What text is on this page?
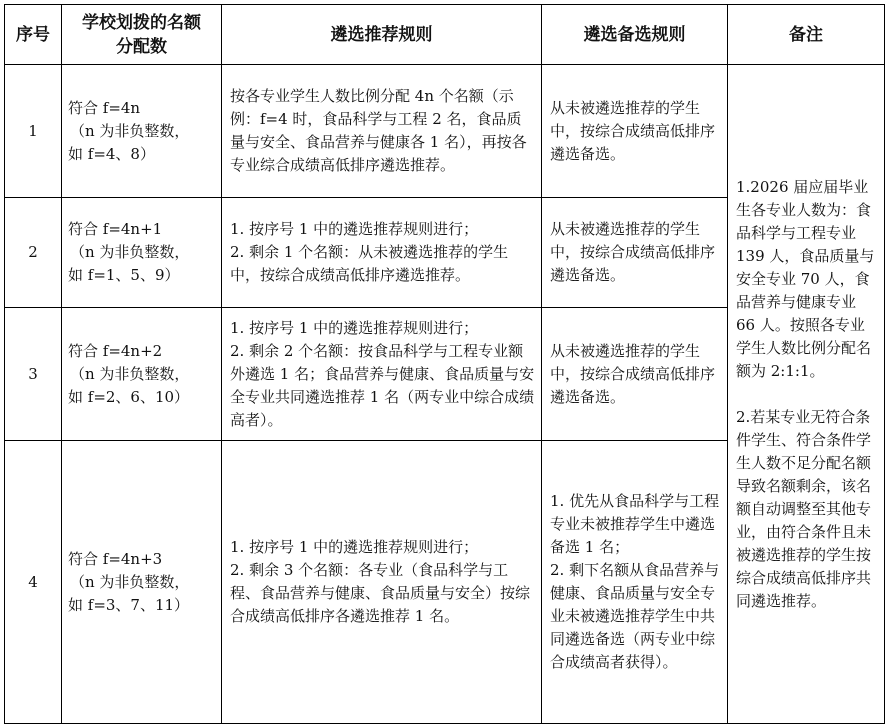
序号	学校划拨的名额分配数	遴选推荐规则	遴选备选规则	备注
1	符合 f=4n
（n 为非负整数，
如 f=4、8）	按各专业学生人数比例分配 4n 个名额（示例：f=4 时，食品科学与工程 2 名，食品质量与安全、食品营养与健康各 1 名），再按各专业综合成绩高低排序遴选推荐。	从未被遴选推荐的学生中，按综合成绩高低排序遴选备选。	1.2026 届应届毕业生各专业人数为：食品科学与工程专业 139 人，食品质量与安全专业 70 人，食品营养与健康专业 66 人。按照各专业学生人数比例分配名额为 2:1:1。
2.若某专业无符合条件学生、符合条件学生人数不足分配名额导致名额剩余，该名额自动调整至其他专业，由符合条件且未被遴选推荐的学生按综合成绩高低排序共同遴选推荐。

2	符合 f=4n+1
（n 为非负整数，
如 f=1、5、9）	1. 按序号 1 中的遴选推荐规则进行；
2. 剩余 1 个名额：从未被遴选推荐的学生中，按综合成绩高低排序遴选推荐。	从未被遴选推荐的学生中，按综合成绩高低排序遴选备选。	
3	符合 f=4n+2
（n 为非负整数，
如 f=2、6、10）	1. 按序号 1 中的遴选推荐规则进行；
2. 剩余 2 个名额：按食品科学与工程专业额外遴选 1 名；食品营养与健康、食品质量与安全专业共同遴选推荐 1 名（两专业中综合成绩高者）。	从未被遴选推荐的学生中，按综合成绩高低排序遴选备选。	
4	符合 f=4n+3
（n 为非负整数，
如 f=3、7、11）	1. 按序号 1 中的遴选推荐规则进行；
2. 剩余 3 个名额：各专业（食品科学与工程、食品营养与健康、食品质量与安全）按综合成绩高低排序各遴选推荐 1 名。	1. 优先从食品科学与工程专业未被推荐学生中遴选备选 1 名；
2. 剩下名额从食品营养与健康、食品质量与安全专业未被遴选推荐学生中共同遴选备选（两专业中综合成绩高者获得）。	
